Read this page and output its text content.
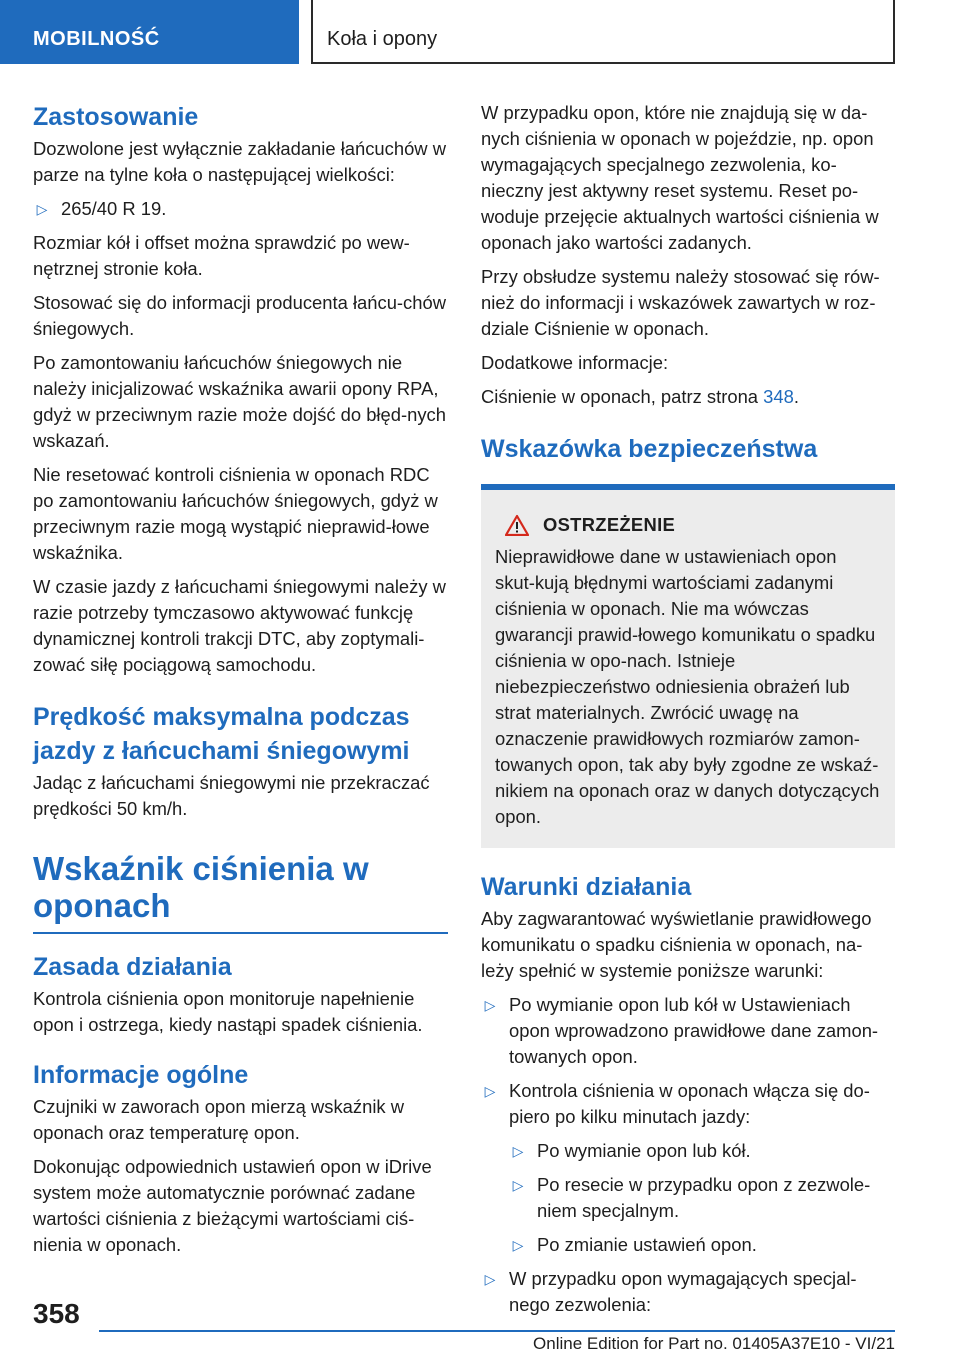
MOBILNOŚĆ	Koła i opony
Zastosowanie

Dozwolone jest wyłącznie zakładanie łańcuchów w parze na tylne koła o następującej wielkości:

▷ 265/40 R 19.

Rozmiar kół i offset można sprawdzić po wew-nętrznej stronie koła.

Stosować się do informacji producenta łańcu-chów śniegowych.

Po zamontowaniu łańcuchów śniegowych nie należy inicjalizować wskaźnika awarii opony RPA, gdyż w przeciwnym razie może dojść do błęd-nych wskazań.

Nie resetować kontroli ciśnienia w oponach RDC po zamontowaniu łańcuchów śniegowych, gdyż w przeciwnym razie mogą wystąpić nieprawid-łowe wskaźnika.

W czasie jazdy z łańcuchami śniegowymi należy w razie potrzeby tymczasowo aktywować funkcję dynamicznej kontroli trakcji DTC, aby zoptymali-zować siłę pociągową samochodu.

Prędkość maksymalna podczas jazdy z łańcuchami śniegowymi

Jadąc z łańcuchami śniegowymi nie przekraczać prędkości 50 km/h.

Wskaźnik ciśnienia w oponach
Zasada działania

Kontrola ciśnienia opon monitoruje napełnienie opon i ostrzega, kiedy nastąpi spadek ciśnienia.

Informacje ogólne

Czujniki w zaworach opon mierzą wskaźnik w oponach oraz temperaturę opon.

Dokonując odpowiednich ustawień opon w iDrive system może automatycznie porównać zadane wartości ciśnienia z bieżącymi wartościami ciś-nienia w oponach.

W przypadku opon, które nie znajdują się w da-nych ciśnienia w oponach w pojeździe, np. opon wymagających specjalnego zezwolenia, ko-nieczny jest aktywny reset systemu. Reset po-woduje przejęcie aktualnych wartości ciśnienia w oponach jako wartości zadanych.

Przy obsłudze systemu należy stosować się rów-nież do informacji i wskazówek zawartych w roz-dziale Ciśnienie w oponach.

Dodatkowe informacje:

Ciśnienie w oponach, patrz strona 348.

Wskazówka bezpieczeństwa
OSTRZEŻENIE

Nieprawidłowe dane w ustawieniach opon skut-kują błędnymi wartościami zadanymi ciśnienia w oponach. Nie ma wówczas gwarancji prawid-łowego komunikatu o spadku ciśnienia w opo-nach. Istnieje niebezpieczeństwo odniesienia obrażeń lub strat materialnych. Zwrócić uwagę na oznaczenie prawidłowych rozmiarów zamon-towanych opon, tak aby były zgodne ze wskaź-nikiem na oponach oraz w danych dotyczących opon.

Warunki działania

Aby zagwarantować wyświetlanie prawidłowego komunikatu o spadku ciśnienia w oponach, na-leży spełnić w systemie poniższe warunki:

▷ Po wymianie opon lub kół w Ustawieniach opon wprowadzono prawidłowe dane zamon-towanych opon.
▷ Kontrola ciśnienia w oponach włącza się do-piero po kilku minutach jazdy:
▷ Po wymianie opon lub kół.
▷ Po resecie w przypadku opon z zezwole-niem specjalnym.
▷ Po zmianie ustawień opon.
▷ W przypadku opon wymagających specjal-nego zezwolenia:
358
Online Edition for Part no. 01405A37E10 - VI/21
